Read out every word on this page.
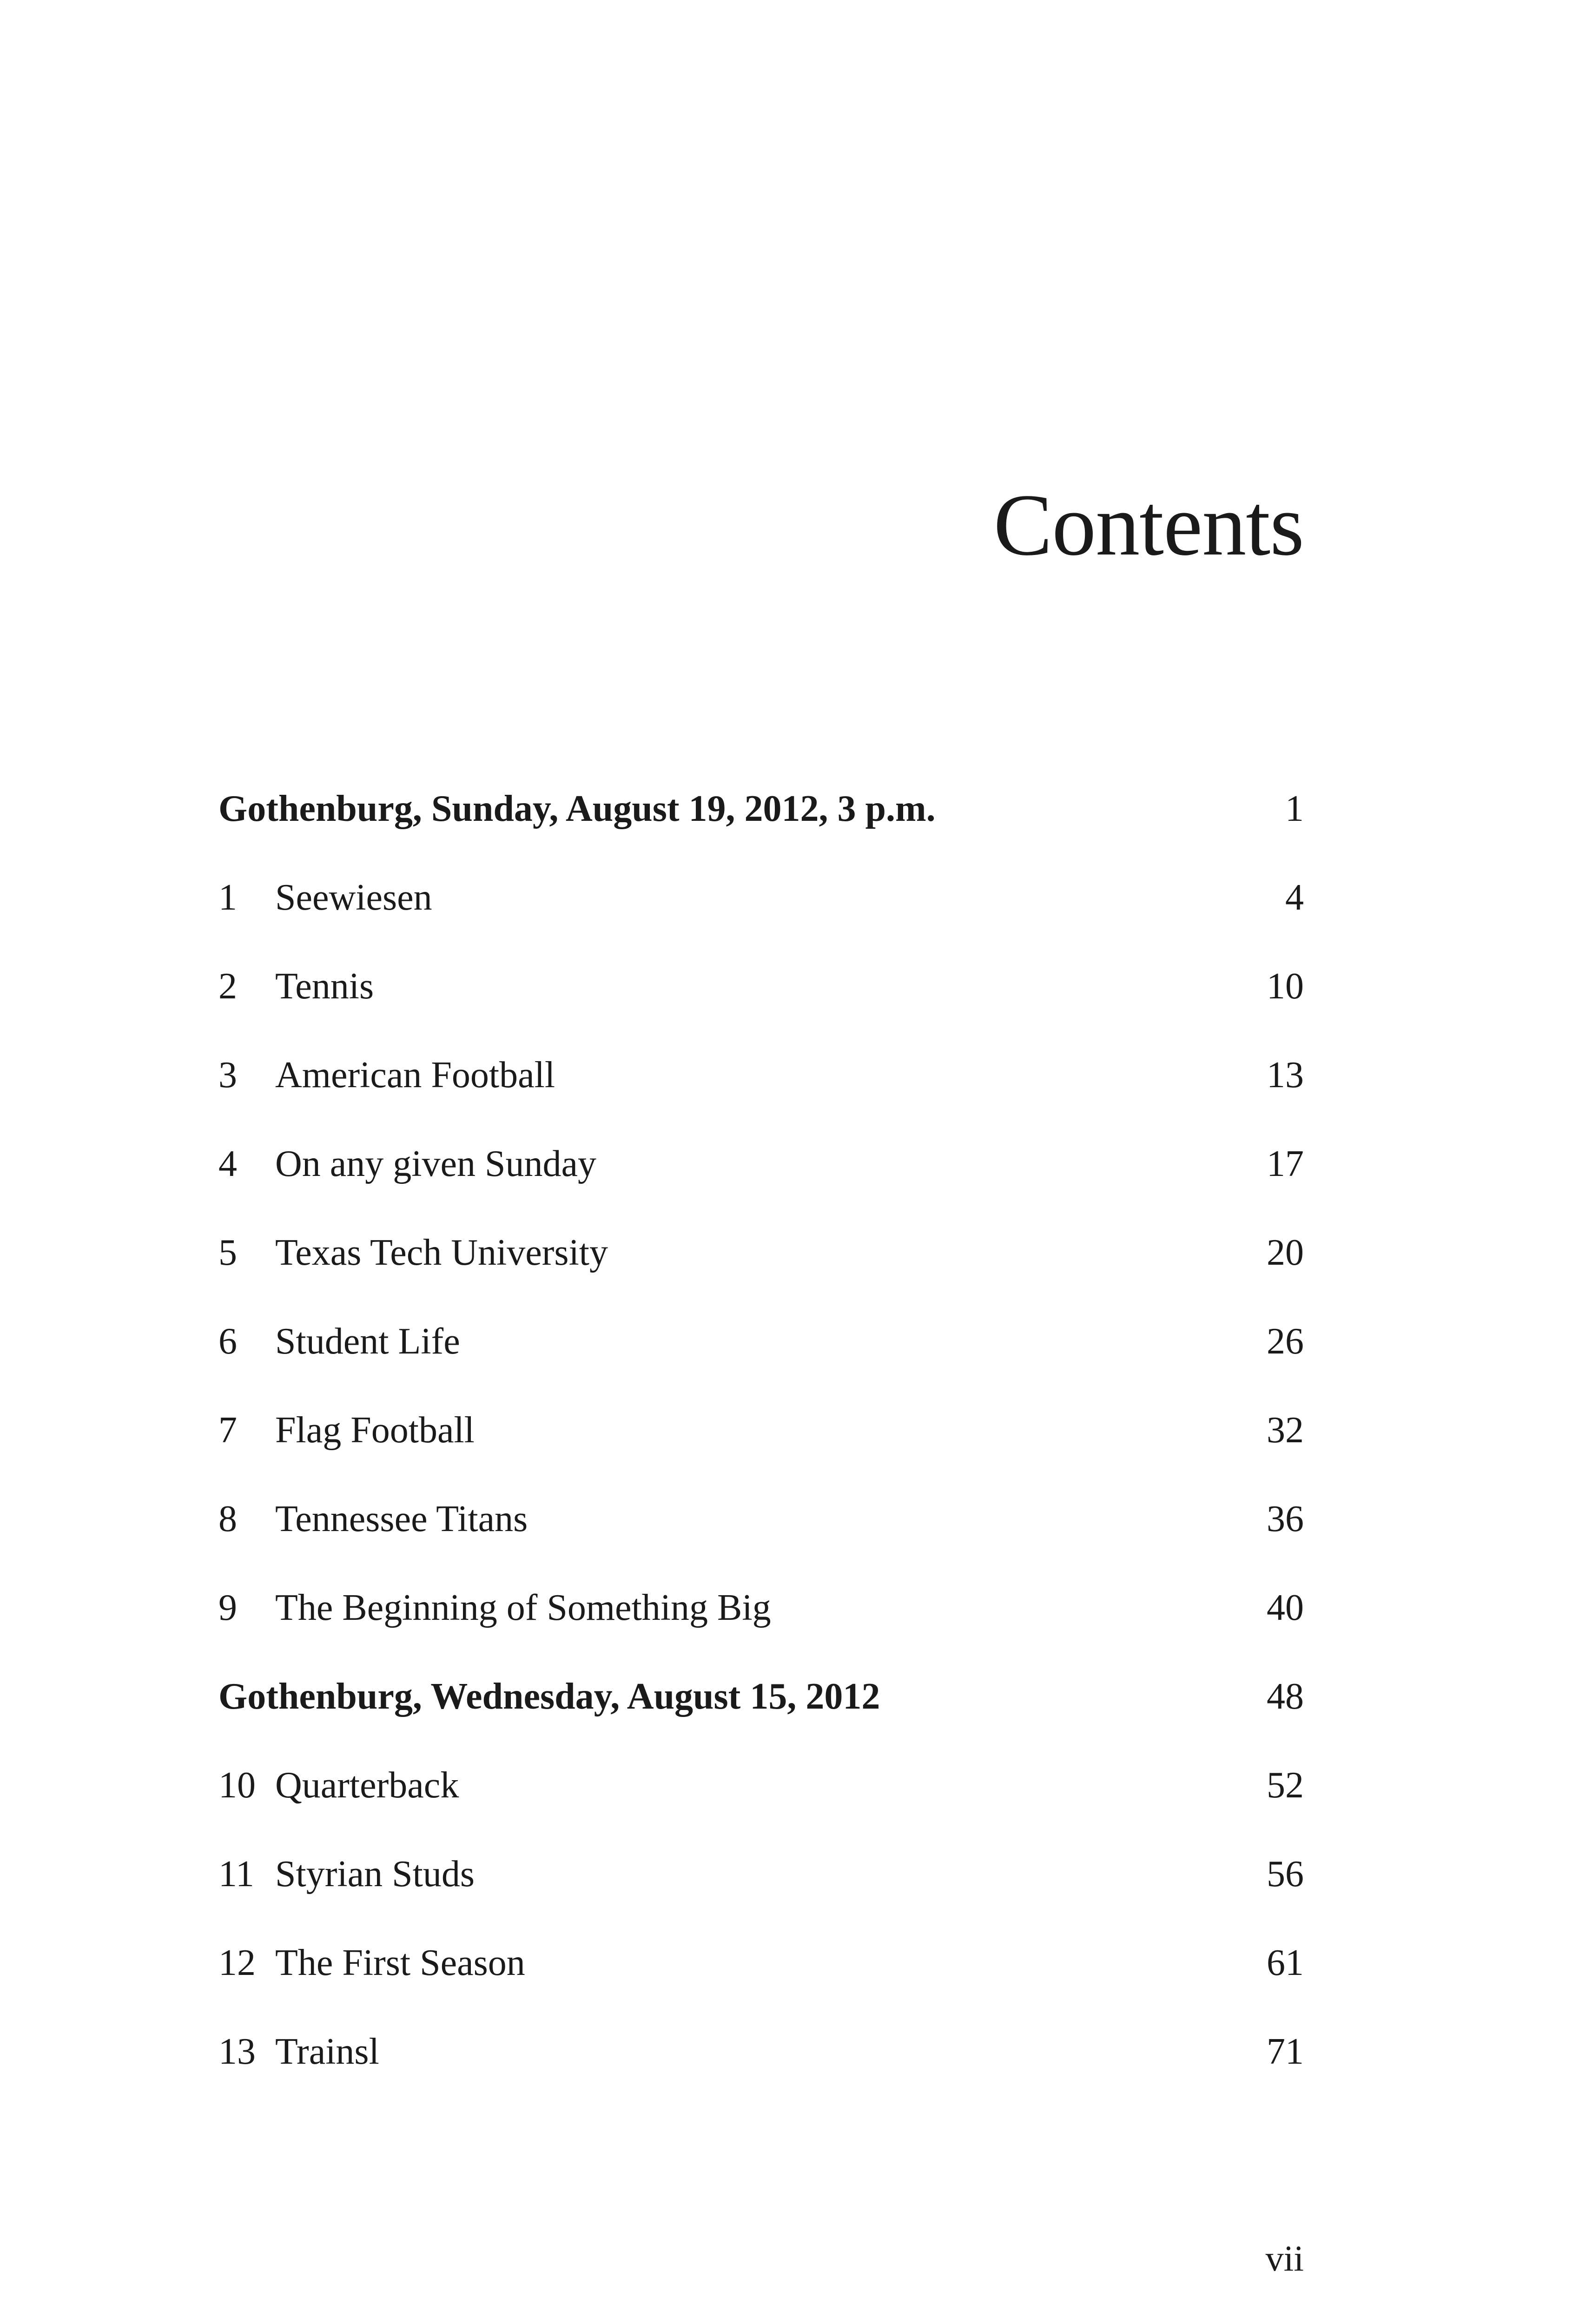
Contents
Gothenburg, Sunday, August 19, 2012, 3 p.m.	1
1	Seewiesen	4
2	Tennis	10
3	American Football	13
4	On any given Sunday	17
5	Texas Tech University	20
6	Student Life	26
7	Flag Football	32
8	Tennessee Titans	36
9	The Beginning of Something Big	40
Gothenburg, Wednesday, August 15, 2012	48
10 Quarterback	52
11 Styrian Studs	56
12 The First Season	61
13 Trainsl	71
vii
